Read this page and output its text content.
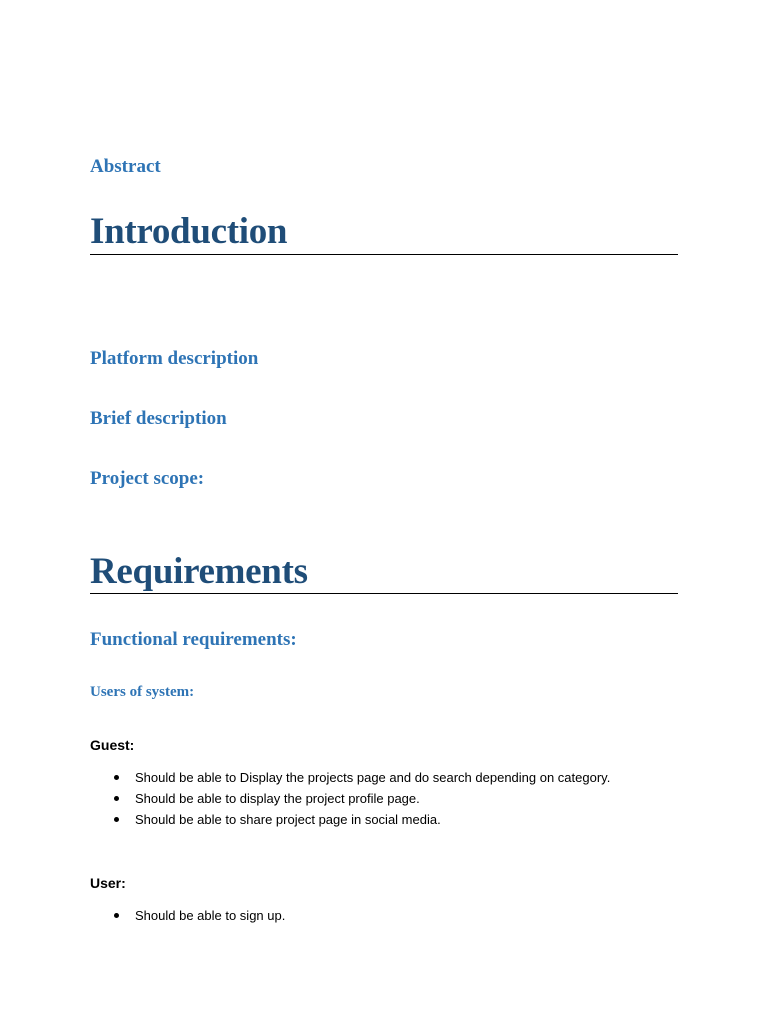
Abstract
Introduction
Platform description
Brief description
Project scope:
Requirements
Functional requirements:
Users of system:

Guest:

Should be able to Display the projects page and do search depending on category.
Should be able to display the project profile page.
Should be able to share project page in social media.

User:

Should be able to sign up.
